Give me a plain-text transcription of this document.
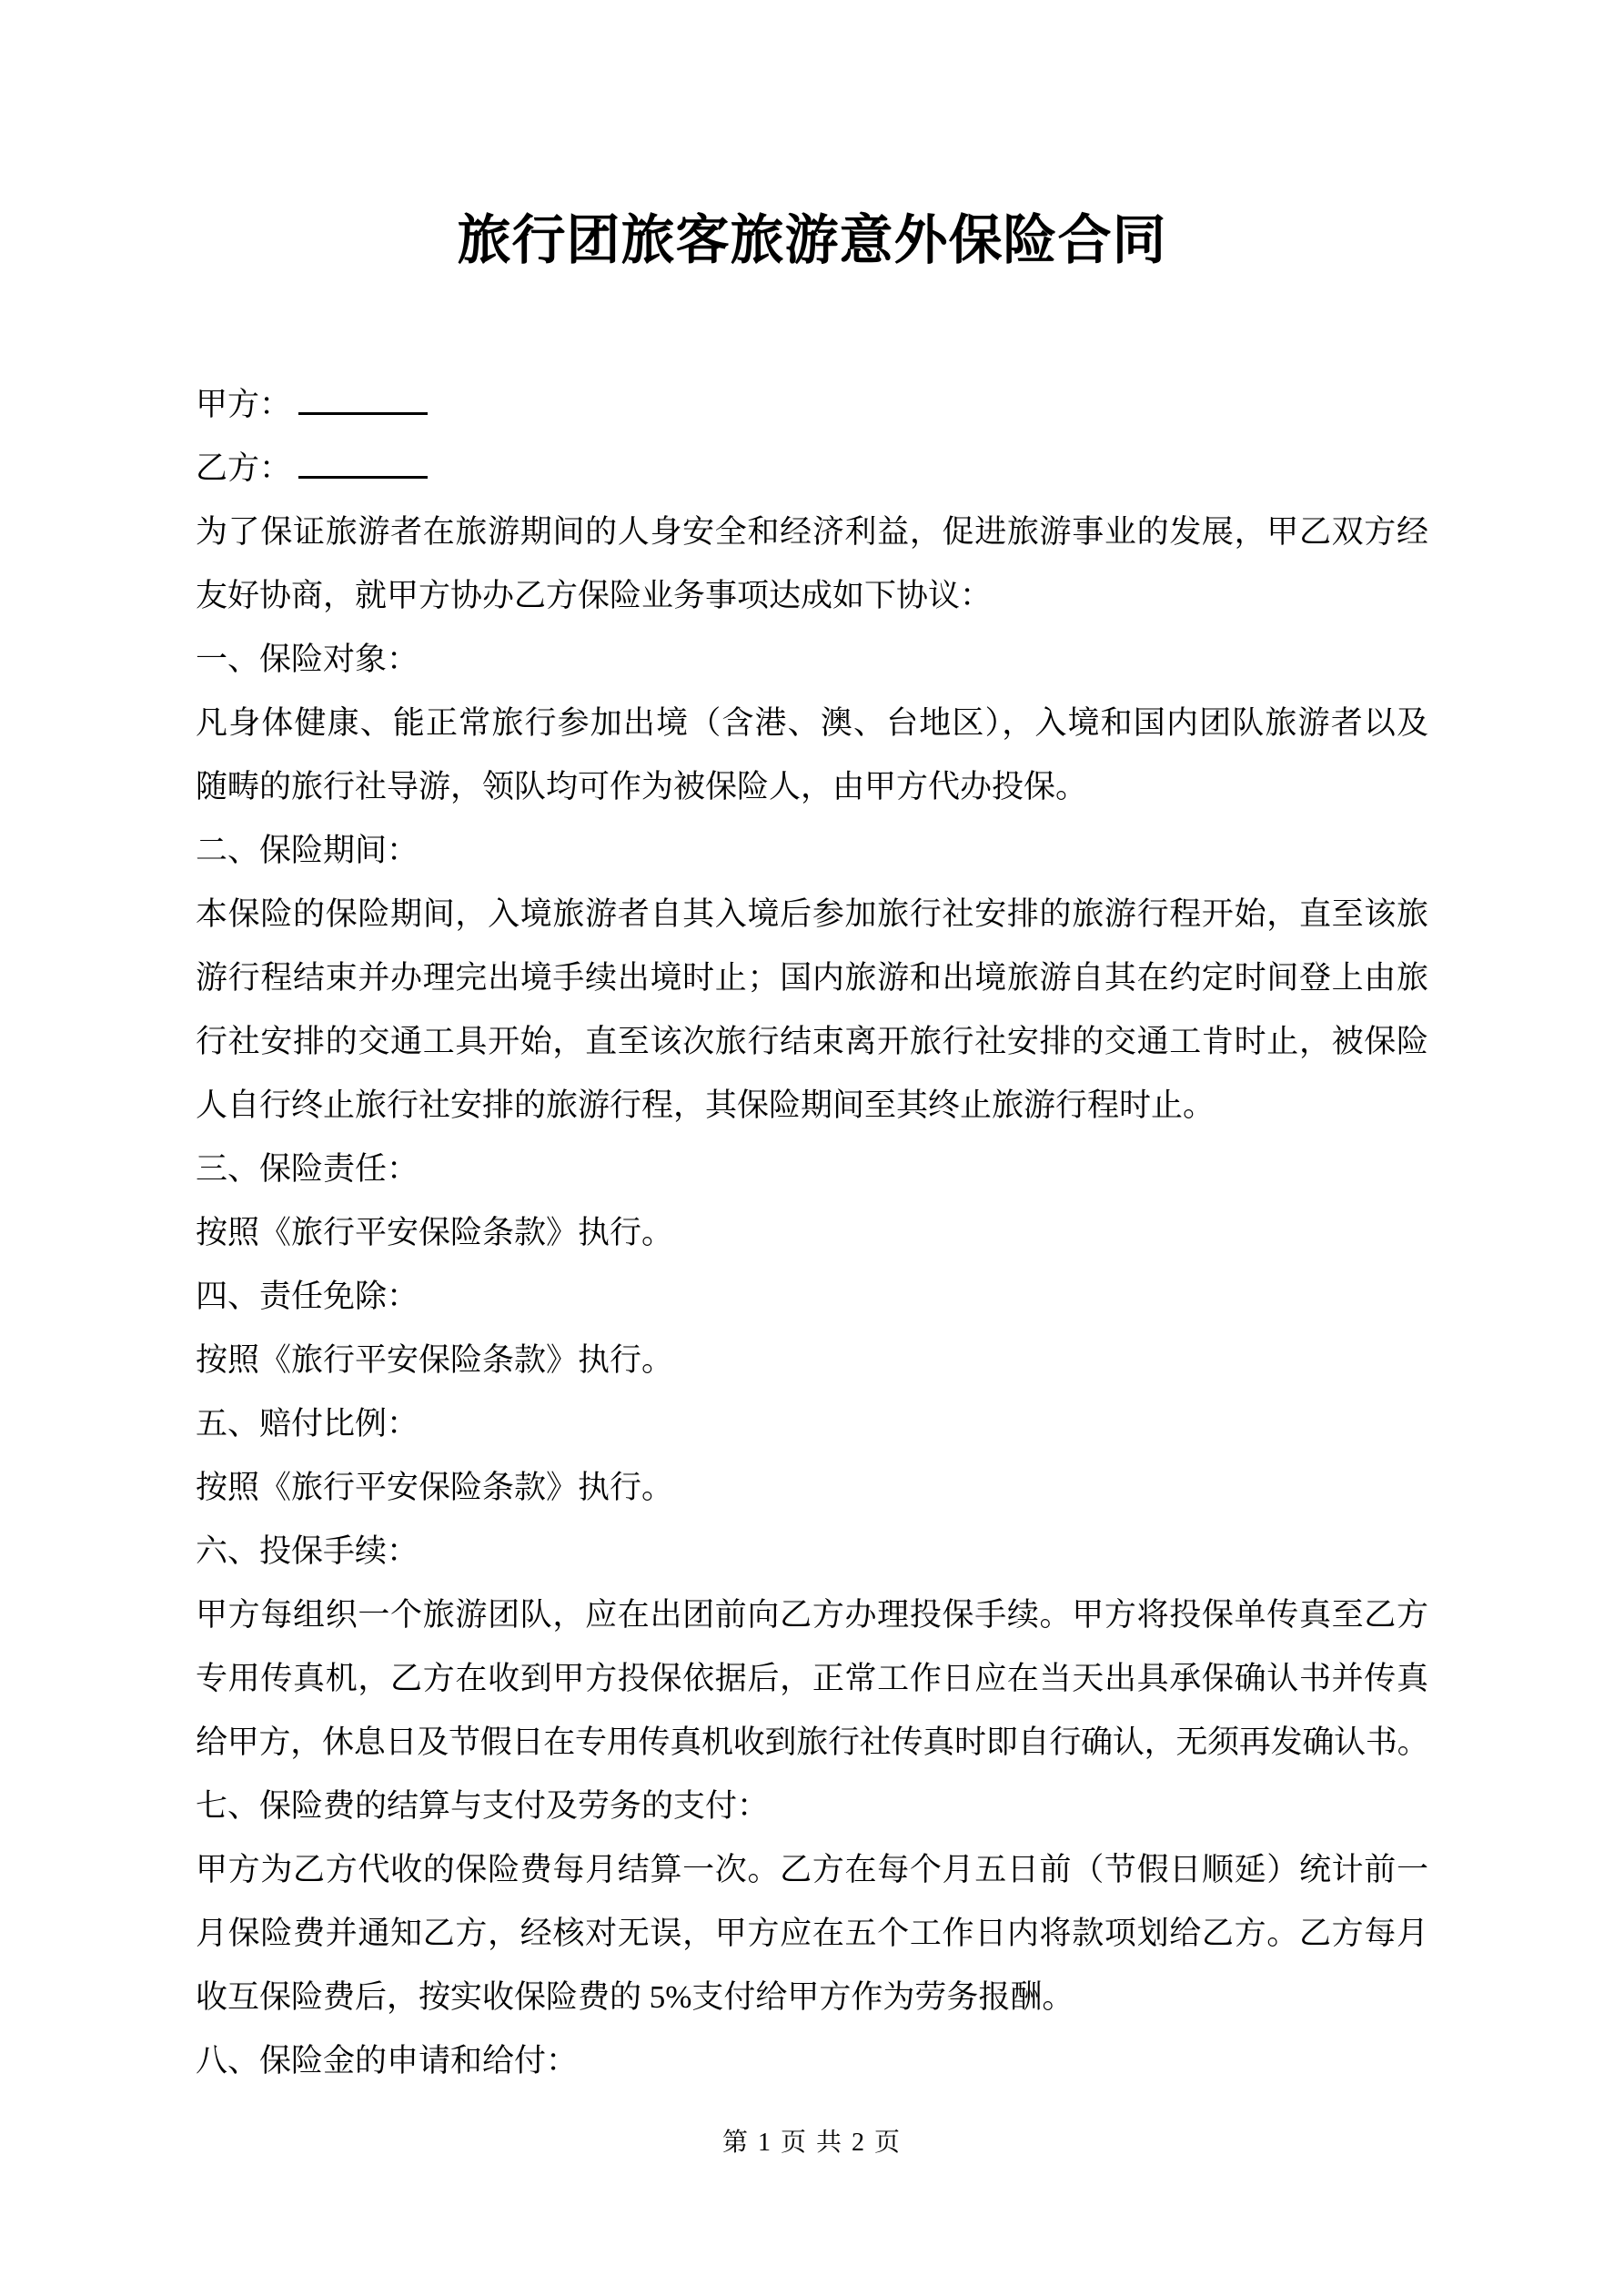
旅行团旅客旅游意外保险合同
甲方：
乙方：
为了保证旅游者在旅游期间的人身安全和经济利益，促进旅游事业的发展，甲乙双方经
友好协商，就甲方协办乙方保险业务事项达成如下协议：
一、保险对象：
凡身体健康、能正常旅行参加出境（含港、澳、台地区），入境和国内团队旅游者以及
随畴的旅行社导游，领队均可作为被保险人，由甲方代办投保。
二、保险期间：
本保险的保险期间，入境旅游者自其入境后参加旅行社安排的旅游行程开始，直至该旅
游行程结束并办理完出境手续出境时止；国内旅游和出境旅游自其在约定时间登上由旅
行社安排的交通工具开始，直至该次旅行结束离开旅行社安排的交通工肯时止，被保险
人自行终止旅行社安排的旅游行程，其保险期间至其终止旅游行程时止。
三、保险责任：
按照《旅行平安保险条款》执行。
四、责任免除：
按照《旅行平安保险条款》执行。
五、赔付比例：
按照《旅行平安保险条款》执行。
六、投保手续：
甲方每组织一个旅游团队，应在出团前向乙方办理投保手续。甲方将投保单传真至乙方
专用传真机，乙方在收到甲方投保依据后，正常工作日应在当天出具承保确认书并传真
给甲方，休息日及节假日在专用传真机收到旅行社传真时即自行确认，无须再发确认书。
七、保险费的结算与支付及劳务的支付：
甲方为乙方代收的保险费每月结算一次。乙方在每个月五日前（节假日顺延）统计前一
月保险费并通知乙方，经核对无误，甲方应在五个工作日内将款项划给乙方。乙方每月
收互保险费后，按实收保险费的 5%支付给甲方作为劳务报酬。
八、保险金的申请和给付：
第 1 页 共 2 页
